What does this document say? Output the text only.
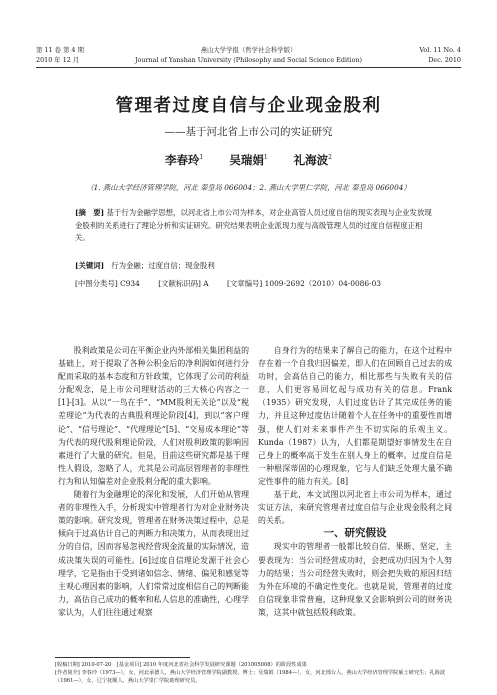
第 11 卷 第 4 期
2010 年 12 月
燕山大学学报（哲学社会科学版）
Journal of Yanshan University (Philosophy and Social Science Edition)
Vol. 11 No. 4
Dec. 2010
管理者过度自信与企业现金股利
——基于河北省上市公司的实证研究
李春玲$^1$ 吴瑞娟$^1$ 礼海波$^2$
（1. 燕山大学经济管理学院，河北 秦皇岛 066004；2. 燕山大学里仁学院，河北 秦皇岛 066004）
[摘　要] 基于行为金融学思想，以河北省上市公司为样本，对企业高管人员过度自信的现实表现与企业发放现金股利的关系进行了理论分析和实证研究。研究结果表明企业派现力度与高级管理人员的过度自信程度正相关。
[关键词] 行为金融；过度自信；现金股利
[中图分类号] C934 [文献标识码] A [文章编号] 1009-2692（2010）04-0086-03

股利政策是公司在平衡企业内外部相关集团利益的基础上，对于提取了各种公积金后的净利润如何进行分配而采取的基本态度和方针政策，它体现了公司的利益分配观念，是上市公司理财活动的三大核心内容之一[1]-[3]。从以“一鸟在手”、“MM股利无关论”以及“税差理论”为代表的古典股利理论阶段[4]，到以“客户理论”、“信号理论”、“代理理论”[5]、“交易成本理论”等为代表的现代股利理论阶段，人们对股利政策的影响因素进行了大量的研究。但是，目前这些研究都是基于理性人假设，忽略了人，尤其是公司高层管理者的非理性行为和认知偏差对企业股利分配的重大影响。

随着行为金融理论的深化和发展，人们开始从管理者的非理性入手，分析现实中管理者行为对企业财务决策的影响。研究发现，管理者在财务决策过程中，总是倾向于过高估计自己的判断力和决策力，从而表现出过分的自信，因而容易忽视经营现金流量的实际情况，造成决策失误的可能性。[6]过度自信理论发源于社会心理学，它是指由于受到诸如信念、情绪、偏见和感觉等主观心理因素的影响，人们常常过度相信自己的判断能力，高估自己成功的概率和私人信息的准确性，心理学家认为，人们往往通过观察

自身行为的结果来了解自己的能力，在这个过程中存在着一个自我归因偏差，即人们在回顾自己过去的成功时，会高估自己的能力，相比那些与失败有关的信息，人们更容易回忆起与成功有关的信息。Frank（1935）研究发现，人们过度估计了其完成任务的能力，并且这种过度估计随着个人在任务中的重要性而增强，使人们对未来事件产生不切实际的乐观主义。Kunda（1987）认为，人们都是期望好事情发生在自己身上的概率高于发生在别人身上的概率。过度自信是一种根深蒂固的心理现象，它与人们缺乏处理大量不确定性事件的能力有关。[8]

基于此，本文试图以河北省上市公司为样本，通过实证方法，来研究管理者过度自信与企业现金股利之间的关系。

一、研究假设

现实中的管理者一般都比较自信、果断、坚定，主要表现为：当公司经营成功时，会把成功归因为个人努力的结果；当公司经营失败时，则会把失败的原因归结为外在环境的不确定性变化。也就是说，管理者的过度自信现象非常普遍，这种现象又会影响到公司的财务决策，这其中就包括股利政策。

[收稿日期] 2010-07-20　[基金项目] 2010 年度河北省社会科学发展研究课题（201005008）的阶段性成果
[作者简介] 李春玲（1973—），女，河北承德人，燕山大学经济管理学院副教授，博士；吴瑞娟（1984—），女，河北邢台人，燕山大学经济管理学院硕士研究生；礼海波（1961—），女，辽宁抚顺人，燕山大学里仁学院助理研究员。
